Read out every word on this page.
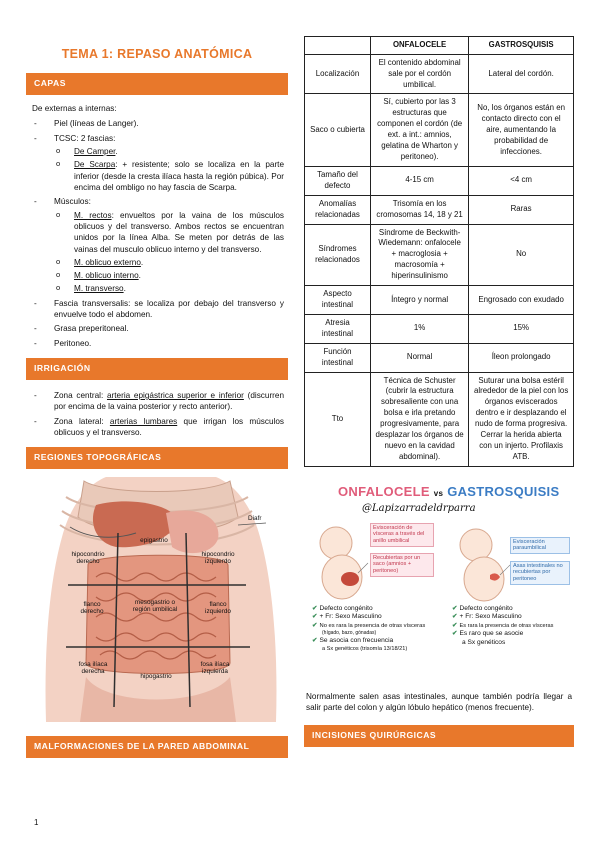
TEMA 1: REPASO ANATÓMICA
CAPAS
De externas a internas:
- Piel (líneas de Langer).
- TCSC: 2 fascias:
o De Camper.
o De Scarpa: + resistente; solo se localiza en la parte inferior (desde la cresta ilíaca hasta la región púbica). Por encima del ombligo no hay fascia de Scarpa.
- Músculos:
o M. rectos: envueltos por la vaina de los músculos oblicuos y del transverso. Ambos rectos se encuentran unidos por la línea Alba. Se meten por detrás de las vainas del musculo oblicuo interno y del transverso.
o M. oblicuo externo.
o M. oblicuo interno.
o M. transverso.
- Fascia transversalis: se localiza por debajo del transverso y envuelve todo el abdomen.
- Grasa preperitoneal.
- Peritoneo.
IRRIGACIÓN
- Zona central: arteria epigástrica superior e inferior (discurren por encima de la vaina posterior y recto anterior).
- Zona lateral: arterias lumbares que irrigan los músculos oblicuos y el transverso.
REGIONES TOPOGRÁFICAS
Diafr
epigastrio
hipocondrio derecho
hipocondrio izquierdo
flanco derecho
mesogastrio o región umbilical
flanco izquierdo
fosa ilíaca derecha
hipogastrio
fosa ilíaca izquierda
MALFORMACIONES DE LA PARED ABDOMINAL
	ONFALOCELE	GASTROSQUISIS
Localización	El contenido abdominal sale por el cordón umbilical.	Lateral del cordón.
Saco o cubierta	Sí, cubierto por las 3 estructuras que componen el cordón (de ext. a int.: amnios, gelatina de Wharton y peritoneo).	No, los órganos están en contacto directo con el aire, aumentando la probabilidad de infecciones.
Tamaño del defecto	4-15 cm	<4 cm
Anomalías relacionadas	Trisomía en los cromosomas 14, 18 y 21	Raras
Síndromes relacionados	Síndrome de Beckwith-Wiedemann: onfalocele + macroglosia + macrosomía + hiperinsulinismo	No
Aspecto intestinal	Íntegro y normal	Engrosado con exudado
Atresia intestinal	1%	15%
Función intestinal	Normal	Íleon prolongado
Tto	Técnica de Schuster (cubrir la estructura sobresaliente con una bolsa e irla pretando progresivamente, para desplazar los órganos de nuevo en la cavidad abdominal).	Suturar una bolsa estéril alrededor de la piel con los órganos eviscerados dentro e ir desplazando el nudo de forma progresiva. Cerrar la herida abierta con un injerto. Profilaxis ATB.
ONFALOCELE vs GASTROSQUISIS
@Lapizarradeldrparra
Evisceración de vísceras a través del anillo umbilical
Recubiertas por un saco (amnios + peritoneo)
Evisceración paraumbilical
Asas intestinales no recubiertas por peritoneo
✔ Defecto congénito
✔ + Fr: Sexo Masculino
✔ No es rara la presencia de otras vísceras
(hígado, bazo, gónadas)
✔ Se asocia con frecuencia
a Sx genéticos (trisomía 13/18/21)
✔ Defecto congénito
✔ + Fr: Sexo Masculino
✔ Es rara la presencia de otras vísceras
✔ Es raro que se asocie
a Sx genéticos
Normalmente salen asas intestinales, aunque también podría llegar a salir parte del colon y algún lóbulo hepático (menos frecuente).
INCISIONES QUIRÚRGICAS
1
